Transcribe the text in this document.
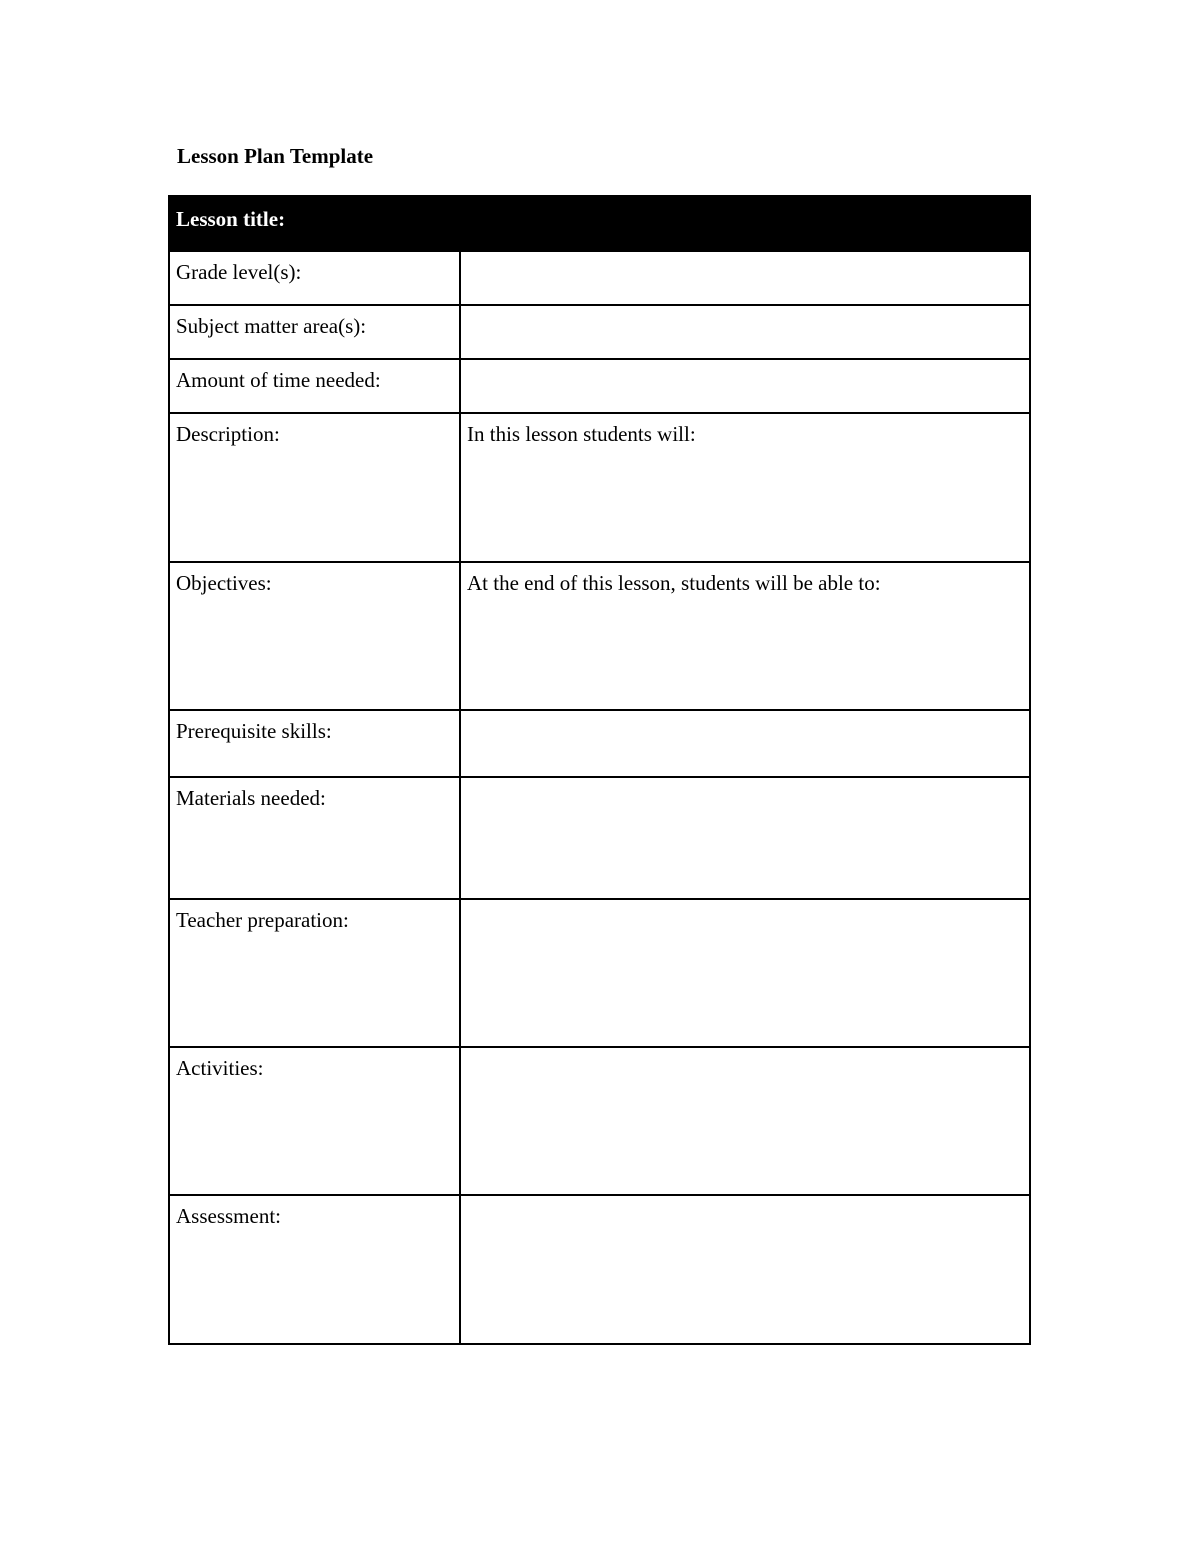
Lesson Plan Template
Lesson title:	
Grade level(s):	
Subject matter area(s):	
Amount of time needed:	
Description:	In this lesson students will:
Objectives:	At the end of this lesson, students will be able to:
Prerequisite skills:	
Materials needed:	
Teacher preparation:	
Activities:	
Assessment:	
